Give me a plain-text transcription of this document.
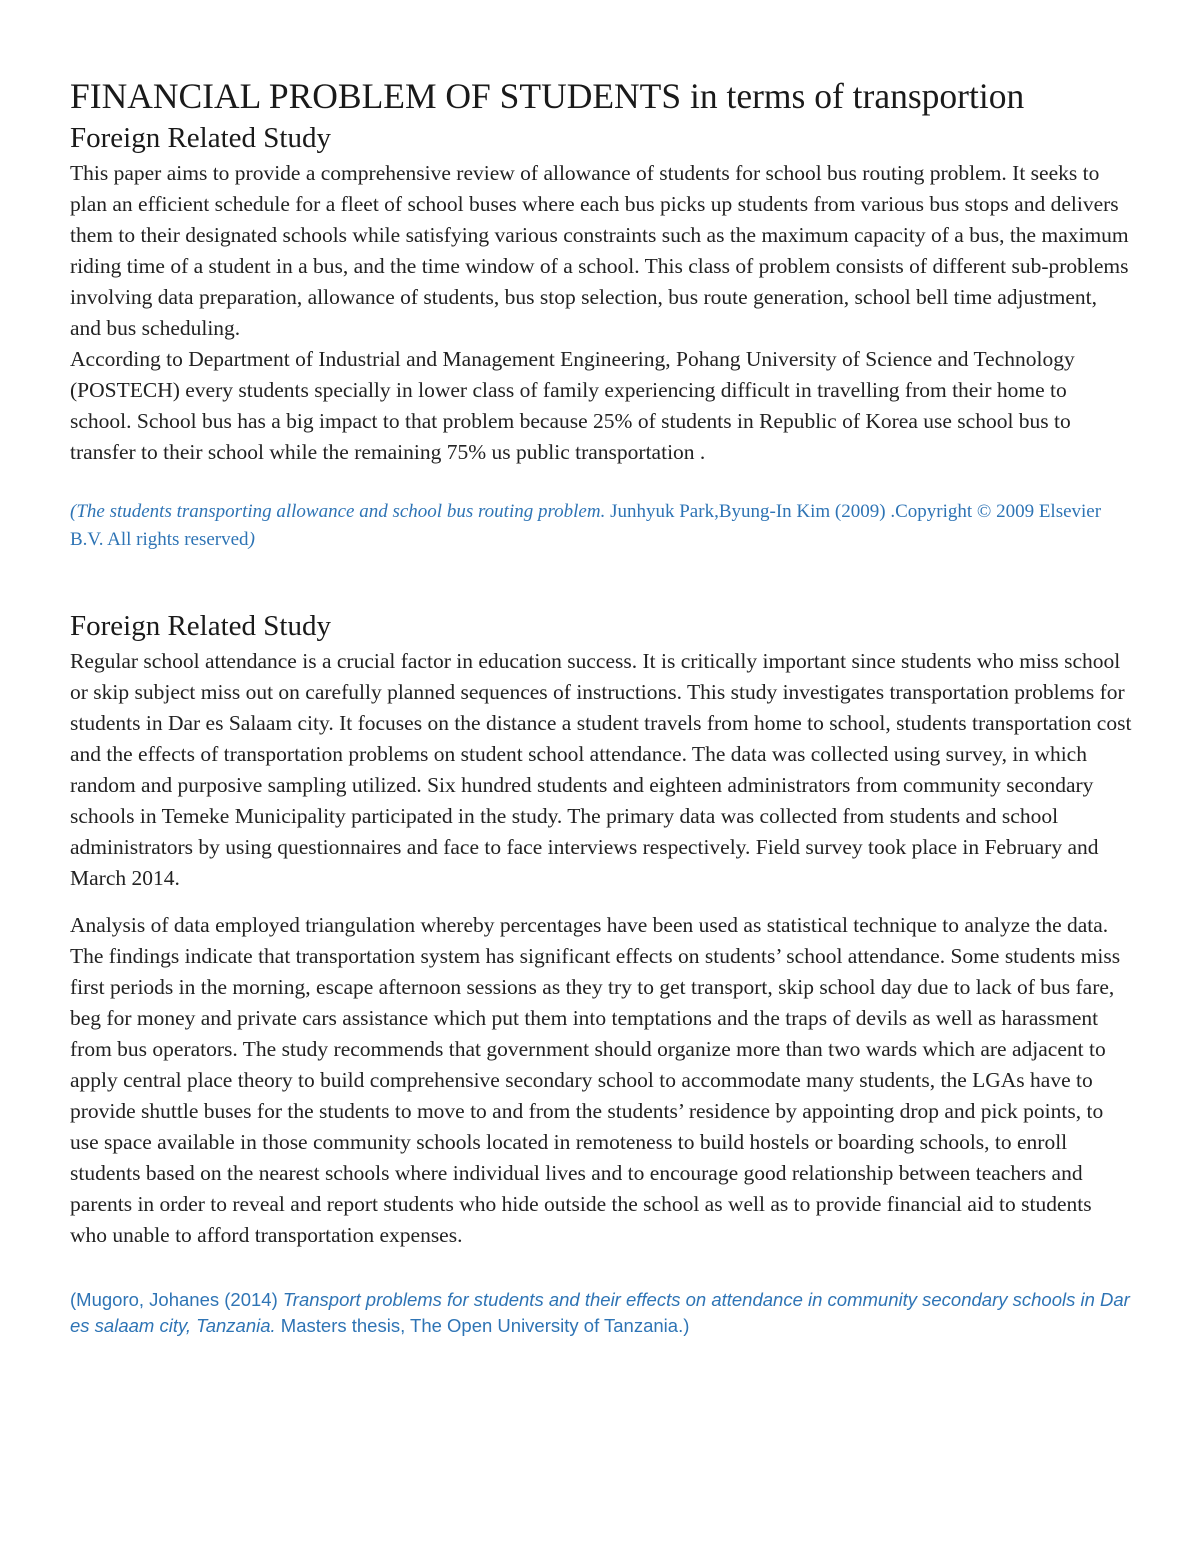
FINANCIAL PROBLEM OF STUDENTS in terms of transportion
Foreign Related Study

This paper aims to provide a comprehensive review of allowance of students for school bus routing problem. It seeks to plan an efficient schedule for a fleet of school buses where each bus picks up students from various bus stops and delivers them to their designated schools while satisfying various constraints such as the maximum capacity of a bus, the maximum riding time of a student in a bus, and the time window of a school. This class of problem consists of different sub-problems involving data preparation, allowance of students, bus stop selection, bus route generation, school bell time adjustment, and bus scheduling.

According to Department of Industrial and Management Engineering, Pohang University of Science and Technology (POSTECH) every students specially in lower class of family experiencing difficult in travelling from their home to school. School bus has a big impact to that problem because 25% of students in Republic of Korea use school bus to transfer to their school while the remaining 75% us public transportation .

(The students transporting allowance and school bus routing problem. Junhyuk Park,Byung-In Kim (2009) .Copyright © 2009 Elsevier B.V. All rights reserved)

Foreign Related Study

Regular school attendance is a crucial factor in education success. It is critically important since students who miss school or skip subject miss out on carefully planned sequences of instructions. This study investigates transportation problems for students in Dar es Salaam city. It focuses on the distance a student travels from home to school, students transportation cost and the effects of transportation problems on student school attendance. The data was collected using survey, in which random and purposive sampling utilized. Six hundred students and eighteen administrators from community secondary schools in Temeke Municipality participated in the study. The primary data was collected from students and school administrators by using questionnaires and face to face interviews respectively. Field survey took place in February and March 2014.

Analysis of data employed triangulation whereby percentages have been used as statistical technique to analyze the data. The findings indicate that transportation system has significant effects on students’ school attendance. Some students miss first periods in the morning, escape afternoon sessions as they try to get transport, skip school day due to lack of bus fare, beg for money and private cars assistance which put them into temptations and the traps of devils as well as harassment from bus operators. The study recommends that government should organize more than two wards which are adjacent to apply central place theory to build comprehensive secondary school to accommodate many students, the LGAs have to provide shuttle buses for the students to move to and from the students’ residence by appointing drop and pick points, to use space available in those community schools located in remoteness to build hostels or boarding schools, to enroll students based on the nearest schools where individual lives and to encourage good relationship between teachers and parents in order to reveal and report students who hide outside the school as well as to provide financial aid to students who unable to afford transportation expenses.

(Mugoro, Johanes (2014) Transport problems for students and their effects on attendance in community secondary schools in Dar es salaam city, Tanzania. Masters thesis, The Open University of Tanzania.)
